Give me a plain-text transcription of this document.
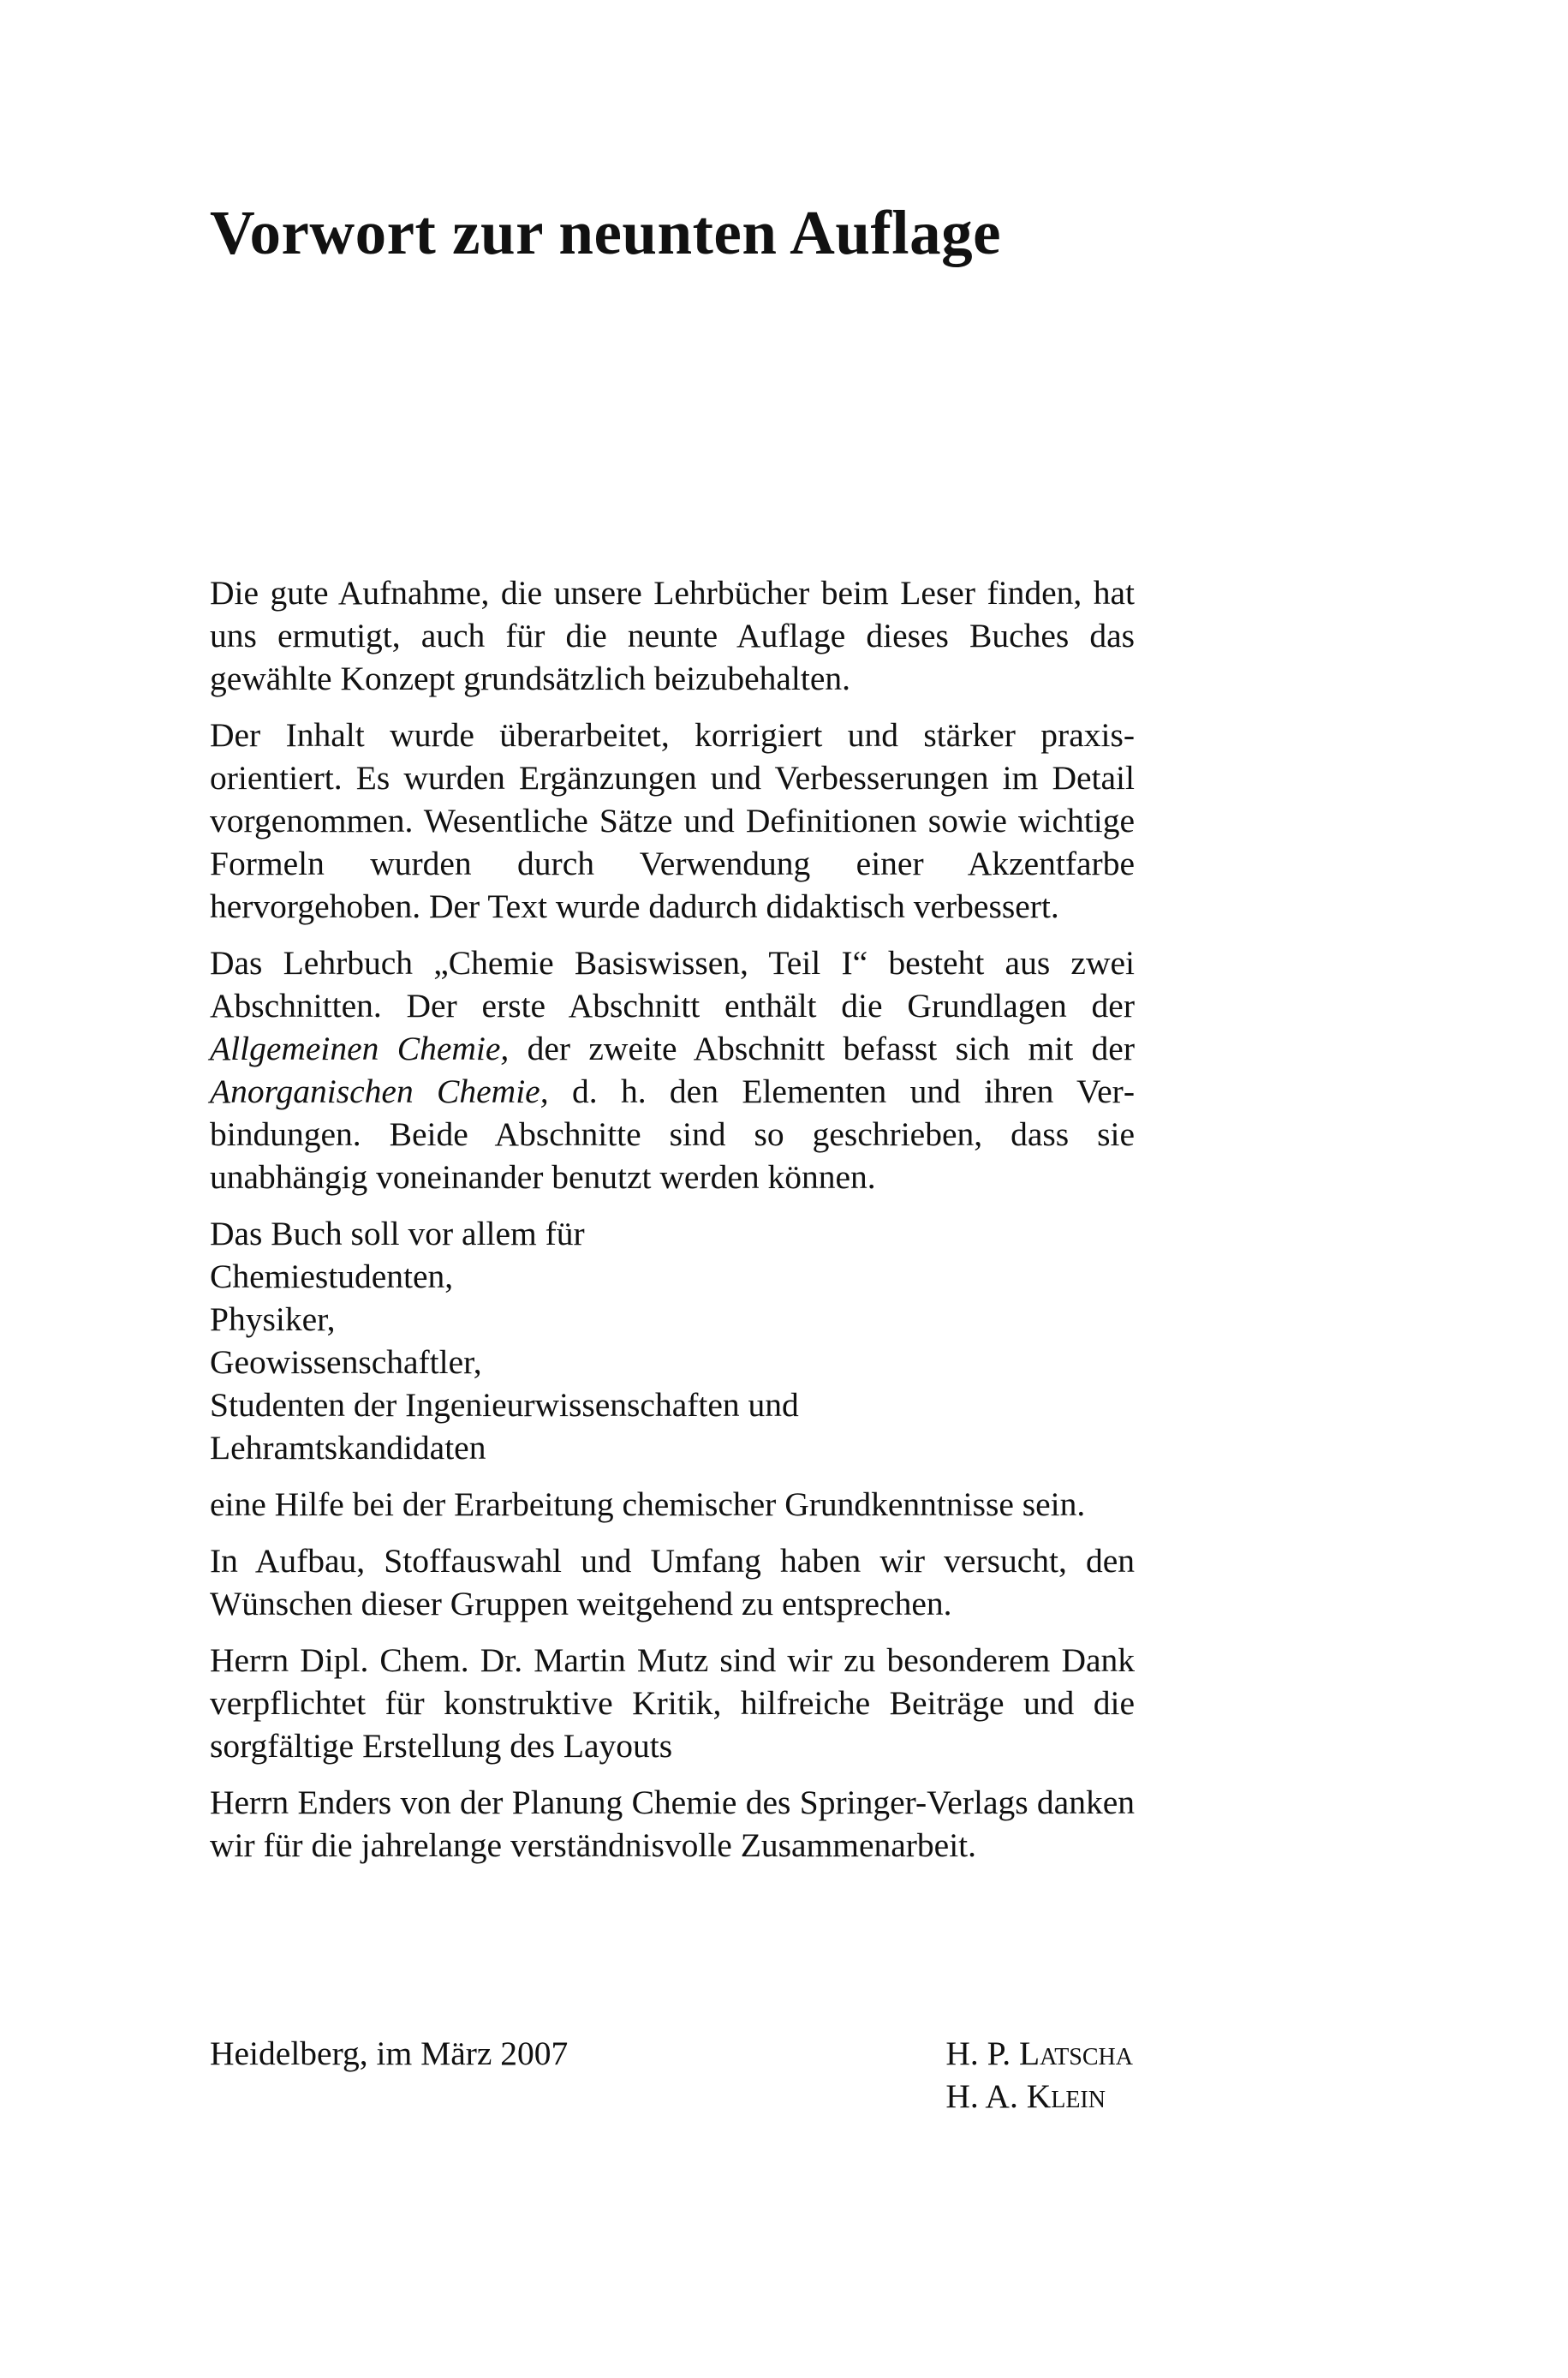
Vorwort zur neunten Auflage

Die gute Aufnahme, die unsere Lehrbücher beim Leser finden, hat uns ermutigt, auch für die neunte Auflage dieses Buches das gewählte Konzept grundsätzlich beizubehalten.

Der Inhalt wurde überarbeitet, korrigiert und stärker praxisorientiert. Es wurden Ergänzungen und Verbesserungen im Detail vorgenommen. Wesentliche Sätze und Definitionen sowie wichtige Formeln wurden durch Verwendung einer Akzentfarbe hervorgehoben. Der Text wurde dadurch didaktisch verbessert.

Das Lehrbuch „Chemie Basiswissen, Teil I“ besteht aus zwei Abschnitten. Der erste Abschnitt enthält die Grundlagen der Allgemeinen Chemie, der zweite Abschnitt befasst sich mit der Anorganischen Chemie, d. h. den Elementen und ihren Verbindungen. Beide Abschnitte sind so geschrieben, dass sie unabhängig voneinander benutzt werden können.

Das Buch soll vor allem für
Chemiestudenten,
Physiker,
Geowissenschaftler,
Studenten der Ingenieurwissenschaften und
Lehramtskandidaten

eine Hilfe bei der Erarbeitung chemischer Grundkenntnisse sein.

In Aufbau, Stoffauswahl und Umfang haben wir versucht, den Wünschen dieser Gruppen weitgehend zu entsprechen.

Herrn Dipl. Chem. Dr. Martin Mutz sind wir zu besonderem Dank verpflichtet für konstruktive Kritik, hilfreiche Beiträge und die sorgfältige Erstellung des Layouts

Herrn Enders von der Planung Chemie des Springer-Verlags danken wir für die jahrelange verständnisvolle Zusammenarbeit.

Heidelberg, im März 2007	H. P. Latscha
H. A. Klein
